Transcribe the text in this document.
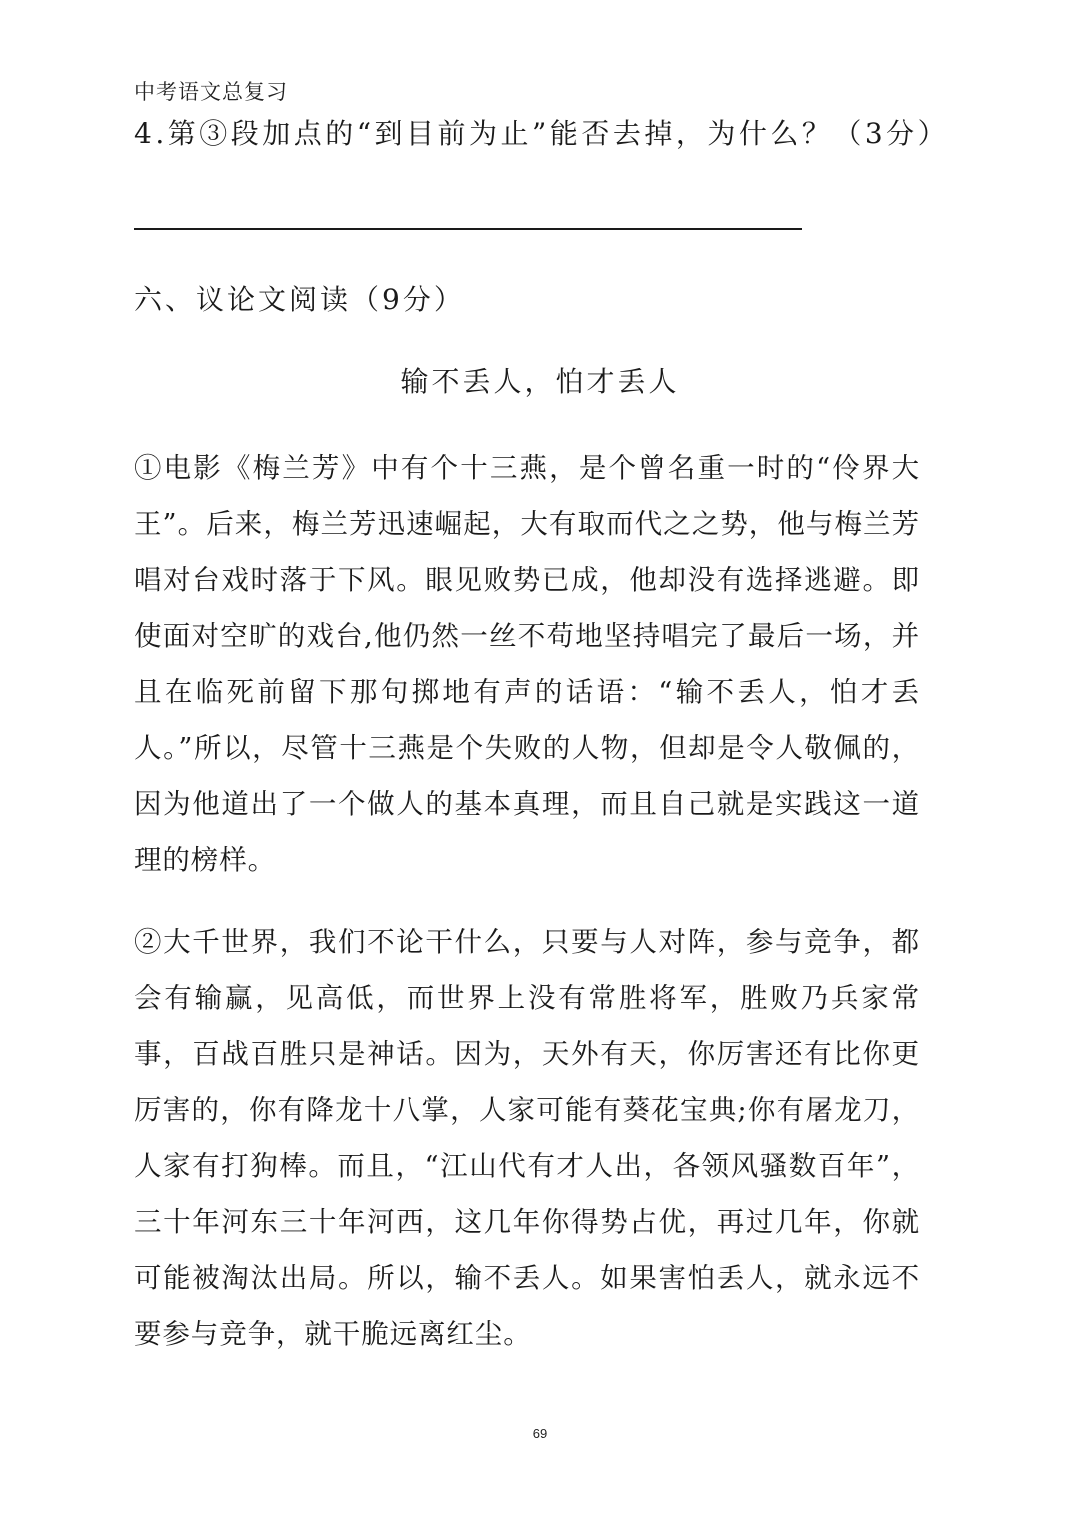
中考语文总复习
4.第③段加点的“到目前为止”能否去掉，为什么？（3分）
六、议论文阅读（9分）
输不丢人，怕才丢人

①电影《梅兰芳》中有个十三燕，是个曾名重一时的“伶界大王”。后来，梅兰芳迅速崛起，大有取而代之之势，他与梅兰芳唱对台戏时落于下风。眼见败势已成，他却没有选择逃避。即使面对空旷的戏台,他仍然一丝不苟地坚持唱完了最后一场，并且在临死前留下那句掷地有声的话语：“输不丢人，怕才丢人。”所以，尽管十三燕是个失败的人物，但却是令人敬佩的，因为他道出了一个做人的基本真理，而且自己就是实践这一道理的榜样。

②大千世界，我们不论干什么，只要与人对阵，参与竞争，都会有输赢，见高低，而世界上没有常胜将军，胜败乃兵家常事，百战百胜只是神话。因为，天外有天，你厉害还有比你更厉害的，你有降龙十八掌，人家可能有葵花宝典;你有屠龙刀，人家有打狗棒。而且，“江山代有才人出，各领风骚数百年”，三十年河东三十年河西，这几年你得势占优，再过几年，你就可能被淘汰出局。所以，输不丢人。如果害怕丢人，就永远不要参与竞争，就干脆远离红尘。

69
